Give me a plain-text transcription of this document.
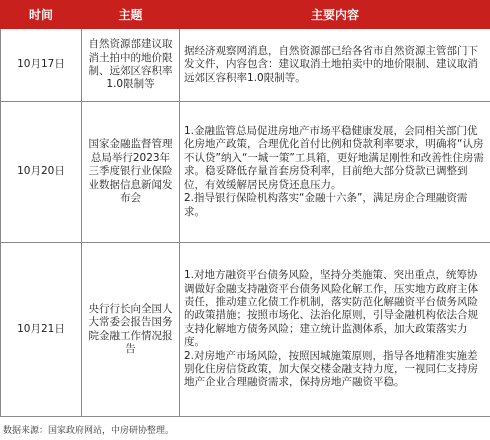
时间	主题	主要内容
10月17日	自然资源部建议取消土拍中的地价限制、远郊区容积率1.0限制等	据经济观察网消息，自然资源部已给各省市自然资源主管部门下发文件，内容包含：建议取消土地拍卖中的地价限制、建议取消远郊区容积率1.0限制等。
10月20日	国家金融监督管理总局举行2023年三季度银行业保险业数据信息新闻发布会	1.金融监管总局促进房地产市场平稳健康发展，会同相关部门优化房地产政策，合理优化首付比例和贷款利率要求，明确将“认房不认贷”纳入“一城一策”工具箱，更好地满足刚性和改善性住房需求。稳妥降低存量首套房贷利率，目前绝大部分贷款已调整到位，有效缓解居民房贷还息压力。
2.指导银行保险机构落实“金融十六条”，满足房企合理融资需求。
10月21日	央行行长向全国人大常委会报告国务院金融工作情况报告	1.对地方融资平台债务风险，坚持分类施策、突出重点，统筹协调做好金融支持融资平台债务风险化解工作，压实地方政府主体责任，推动建立化债工作机制，落实防范化解融资平台债务风险的政策措施；按照市场化、法治化原则，引导金融机构依法合规支持化解地方债务风险；建立统计监测体系，加大政策落实力度。
2.对房地产市场风险，按照因城施策原则，指导各地精准实施差别化住房信贷政策，加大保交楼金融支持力度，一视同仁支持房地产企业合理融资需求，保持房地产融资平稳。
数据来源：国家政府网站，中房研协整理。
